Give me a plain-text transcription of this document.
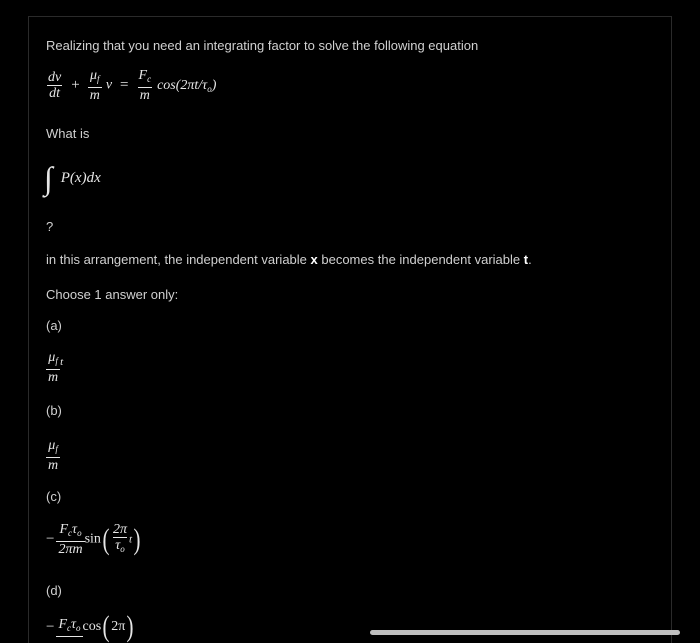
Realizing that you need an integrating factor to solve the following equation
$\frac{dv}{dt} + \frac{\mu_f}{m}$ $v = \frac{F_c}{m} \cos(2\pi t/\tau_o)$
What is
∫ P(x)dx
?
in this arrangement, the independent variable x becomes the independent variable t.
Choose 1 answer only:
(a)
$\frac{\mu_f}{m} ^t$
(b)
$\frac{\mu_f}{m}$
(c)
− $\frac{F_c\tau_o}{2\pi m} \sin( \frac{2\pi}{\tau_o} t)$
(d)
− $F_c\tau_o$ cos( 2π)
